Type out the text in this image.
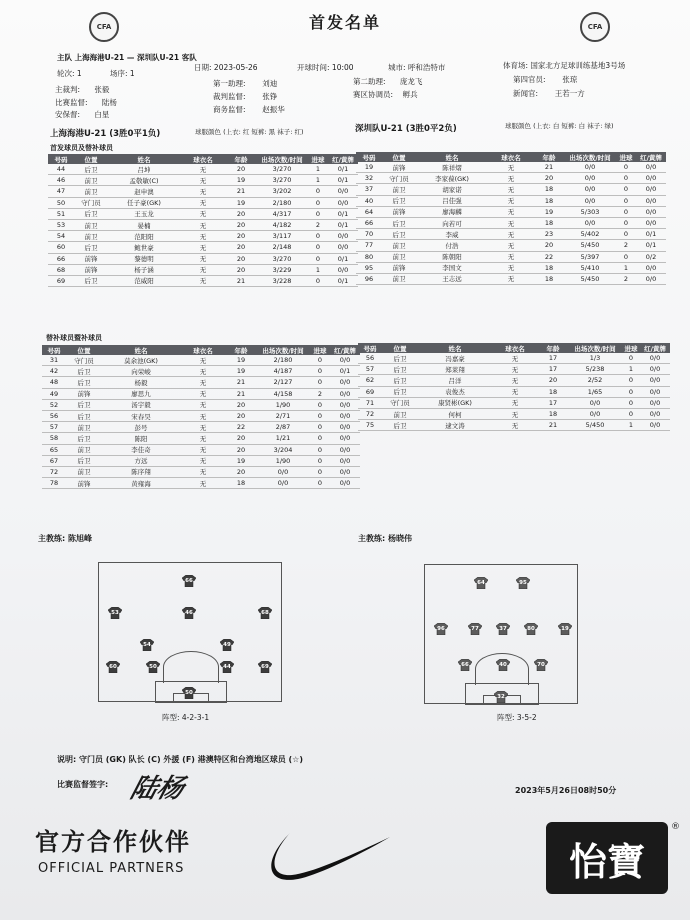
CFA	CFA
首发名单
主队 上海海港U-21 — 深圳队U-21 客队
日期: 2023-05-26	开球时间: 10:00	城市: 呼和浩特市	体育场: 国家北方足球训练基地3号场
轮次: 1	场序: 1
主裁判: 张毅
第一助理: 刘迪	第二助理: 庞龙飞	第四官员: 张琼
比赛监督: 陆杨
裁判监督: 张铮	赛区协调员: 孵兵	新闻官: 王若一方
安保督: 白星
商务监督: 赵振华
上海海港U-21 (3胜0平1负)	球服颜色 (上衣: 红 短裤: 黑 袜子: 红)	深圳队U-21 (3胜0平2负)	球服颜色 (上衣: 白 短裤: 白 袜子: 绿)
首发球员及替补球员
号码	位置	姓名	球衣名	年龄	出场次数/时间	进球	红/黄牌
44	后卫	吕坤	无	20	3/270	1	0/1
46	前卫	孟敬敏(C)	无	19	3/270	1	0/1
47	前卫	赵申澳	无	21	3/202	0	0/0
50	守门员	任子豪(GK)	无	19	2/180	0	0/0
51	后卫	王玉龙	无	20	4/317	0	0/1
53	前卫	晏楠	无	20	4/182	2	0/1
54	前卫	范阳阳	无	20	3/117	0	0/0
60	后卫	鲍世豪	无	20	2/148	0	0/0
66	前锋	黎德明	无	20	3/270	0	0/1
68	前锋	杨子涵	无	20	3/229	1	0/0
69	后卫	范威阳	无	21	3/228	0	0/1
号码	位置	姓名	球衣名	年龄	出场次数/时间	进球	红/黄牌
19	前锋	陈祥熠	无	21	0/0	0	0/0
32	守门员	李家葆(GK)	无	20	0/0	0	0/0
37	前卫	胡家诺	无	18	0/0	0	0/0
40	后卫	吕佳强	无	18	0/0	0	0/0
64	前锋	廖海麟	无	19	5/303	0	0/0
66	后卫	向若可	无	18	0/0	0	0/0
70	后卫	李威	无	23	5/402	0	0/1
77	前卫	付浩	无	20	5/450	2	0/1
80	前卫	陈朝阳	无	22	5/397	0	0/2
95	前锋	李国文	无	18	5/410	1	0/0
96	前卫	王志远	无	18	5/450	2	0/0
替补球员暨补球员
号码	位置	姓名	球衣名	年龄	出场次数/时间	进球	红/黄牌
31	守门员	莫余池(GK)	无	19	2/180	0	0/0
42	后卫	向荣峻	无	19	4/187	0	0/1
48	后卫	杨毅	无	21	2/127	0	0/0
49	前锋	廖思九	无	21	4/158	2	0/0
52	后卫	汤宇毅	无	20	1/90	0	0/0
56	后卫	宋春昊	无	20	2/71	0	0/0
57	前卫	彭号	无	22	2/87	0	0/0
58	后卫	陈阳	无	20	1/21	0	0/0
65	前卫	李佳奇	无	20	3/204	0	0/0
67	后卫	方远	无	19	1/90	0	0/0
72	前卫	陈序翔	无	20	0/0	0	0/0
78	前锋	黄雍海	无	18	0/0	0	0/0
号码	位置	姓名	球衣名	年龄	出场次数/时间	进球	红/黄牌
56	后卫	冯嘉豪	无	17	1/3	0	0/0
57	后卫	郑莱翔	无	17	5/238	1	0/0
62	后卫	吕洋	无	20	2/52	0	0/0
69	后卫	袁俊杰	无	18	1/65	0	0/0
71	守门员	康贤彬(GK)	无	17	0/0	0	0/0
72	前卫	何柯	无	18	0/0	0	0/0
75	后卫	逮文涛	无	21	5/450	1	0/0
主教练: 陈旭峰	主教练: 杨晓伟
66
53	46	68
54	49
60	50	44	69
50
阵型: 4-2-3-1
64	95
96	77	37	80	19
66	40	70
32
阵型: 3-5-2
说明: 守门员 (GK) 队长 (C) 外援 (F) 港澳特区和台湾地区球员 (☆)
比赛监督签字: 陆杨	2023年5月26日08时50分
官方合作伙伴
OFFICIAL PARTNERS	怡寶
®
